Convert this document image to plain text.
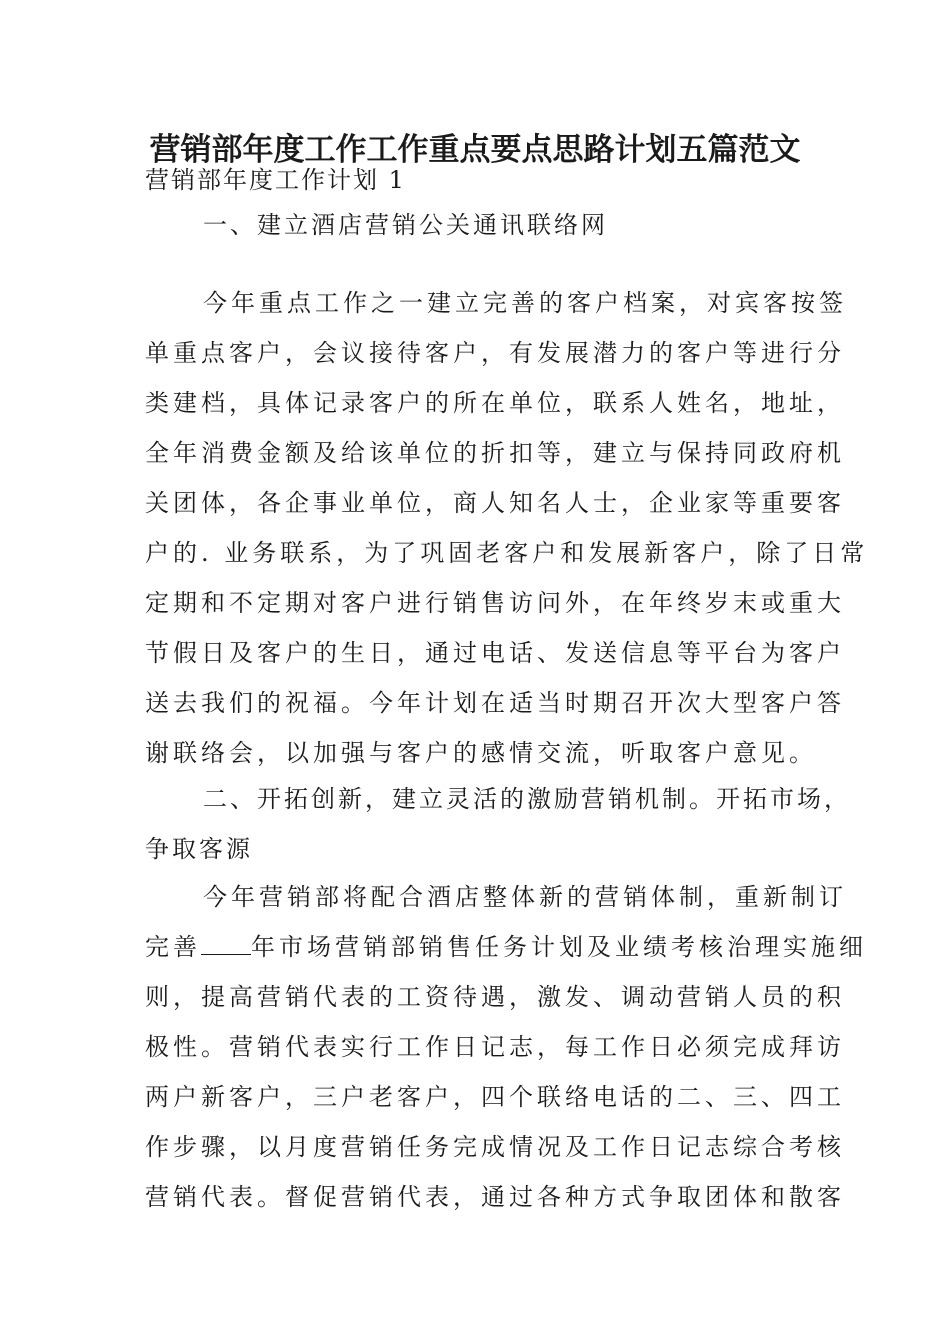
营销部年度工作工作重点要点思路计划五篇范文
营销部年度工作计划 1
一、建立酒店营销公关通讯联络网
今年重点工作之一建立完善的客户档案，对宾客按签
单重点客户，会议接待客户，有发展潜力的客户等进行分
类建档，具体记录客户的所在单位，联系人姓名，地址，
全年消费金额及给该单位的折扣等，建立与保持同政府机
关团体，各企事业单位，商人知名人士，企业家等重要客
户的. 业务联系，为了巩固老客户和发展新客户，除了日常
定期和不定期对客户进行销售访问外，在年终岁末或重大
节假日及客户的生日，通过电话、发送信息等平台为客户
送去我们的祝福。今年计划在适当时期召开次大型客户答
谢联络会，以加强与客户的感情交流，听取客户意见。
二、开拓创新，建立灵活的激励营销机制。开拓市场，
争取客源
今年营销部将配合酒店整体新的营销体制，重新制订
完善 年市场营销部销售任务计划及业绩考核治理实施细
则，提高营销代表的工资待遇，激发、调动营销人员的积
极性。营销代表实行工作日记志，每工作日必须完成拜访
两户新客户，三户老客户，四个联络电话的二、三、四工
作步骤，以月度营销任务完成情况及工作日记志综合考核
营销代表。督促营销代表，通过各种方式争取团体和散客
